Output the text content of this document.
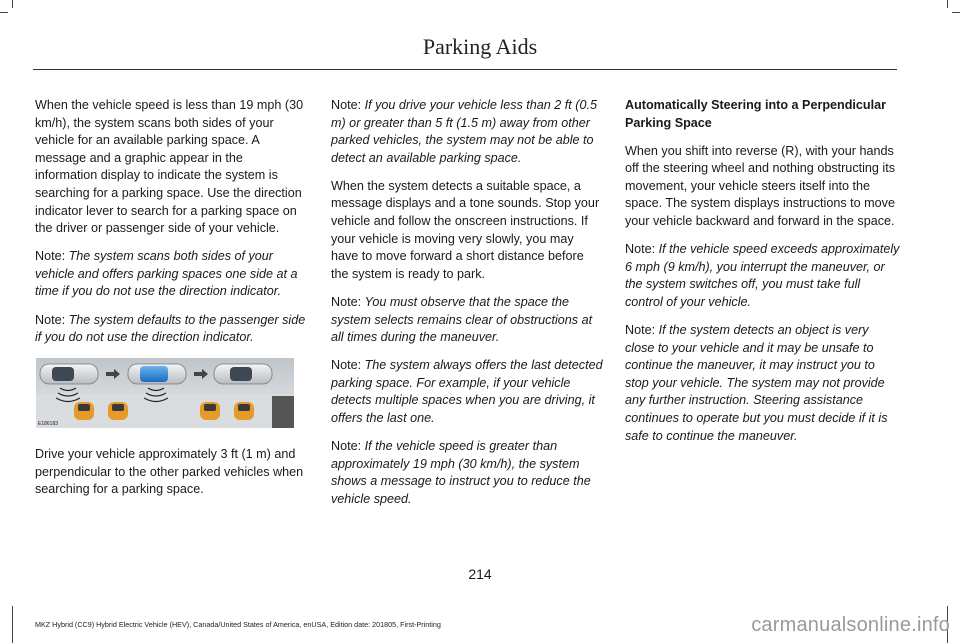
Parking Aids

When the vehicle speed is less than 19 mph (30 km/h), the system scans both sides of your vehicle for an available parking space. A message and a graphic appear in the information display to indicate the system is searching for a parking space. Use the direction indicator lever to search for a parking space on the driver or passenger side of your vehicle.

Note: The system scans both sides of your vehicle and offers parking spaces one side at a time if you do not use the direction indicator.

Note: The system defaults to the passenger side if you do not use the direction indicator.

E186183

Drive your vehicle approximately 3 ft (1 m) and perpendicular to the other parked vehicles when searching for a parking space.

Note: If you drive your vehicle less than 2 ft (0.5 m) or greater than 5 ft (1.5 m) away from other parked vehicles, the system may not be able to detect an available parking space.

When the system detects a suitable space, a message displays and a tone sounds. Stop your vehicle and follow the onscreen instructions. If your vehicle is moving very slowly, you may have to move forward a short distance before the system is ready to park.

Note: You must observe that the space the system selects remains clear of obstructions at all times during the maneuver.

Note: The system always offers the last detected parking space. For example, if your vehicle detects multiple spaces when you are driving, it offers the last one.

Note: If the vehicle speed is greater than approximately 19 mph (30 km/h), the system shows a message to instruct you to reduce the vehicle speed.

Automatically Steering into a Perpendicular Parking Space

When you shift into reverse (R), with your hands off the steering wheel and nothing obstructing its movement, your vehicle steers itself into the space. The system displays instructions to move your vehicle backward and forward in the space.

Note: If the vehicle speed exceeds approximately 6 mph (9 km/h), you interrupt the maneuver, or the system switches off, you must take full control of your vehicle.

Note: If the system detects an object is very close to your vehicle and it may be unsafe to continue the maneuver, it may instruct you to stop your vehicle. The system may not provide any further instruction. Steering assistance continues to operate but you must decide if it is safe to continue the maneuver.

214
MKZ Hybrid (CC9) Hybrid Electric Vehicle (HEV), Canada/United States of America, enUSA, Edition date: 201805, First-Printing	carmanualsonline.info
